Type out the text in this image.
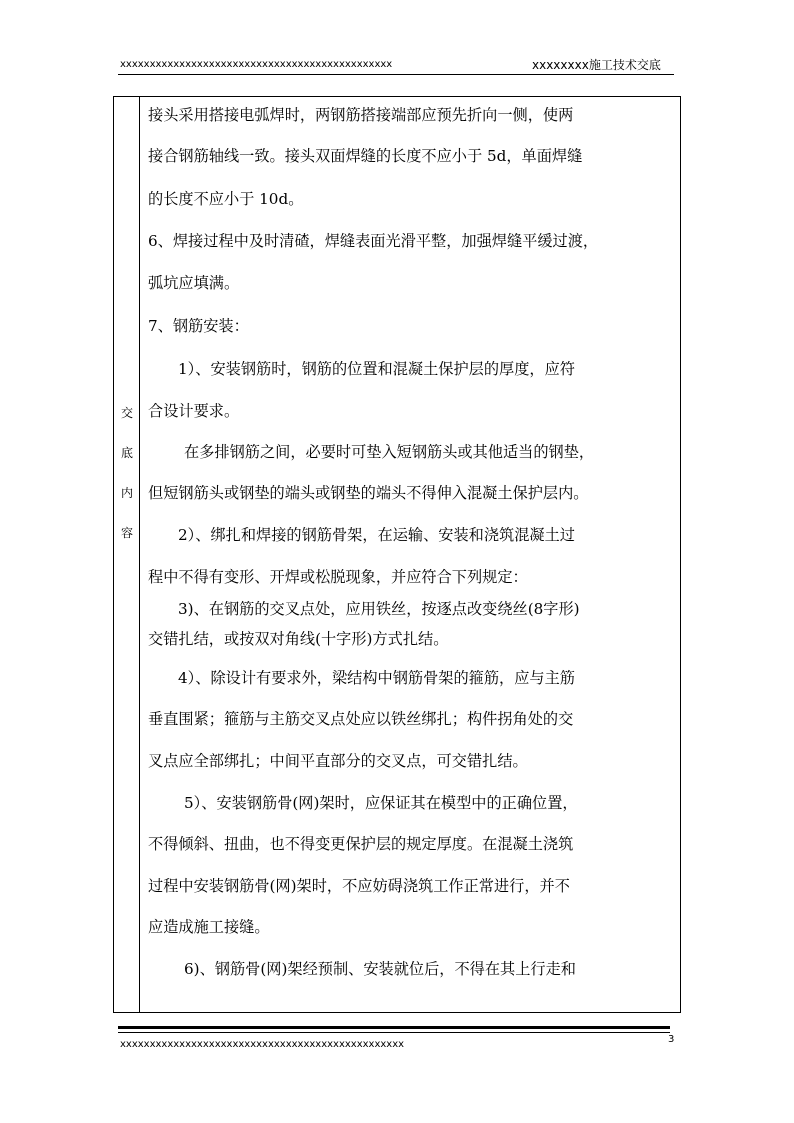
xxxxxxxxxxxxxxxxxxxxxxxxxxxxxxxxxxxxxxxxxxxxxx	xxxxxxxx施工技术交底
交
底
内
容
接头采用搭接电弧焊时，两钢筋搭接端部应预先折向一侧，使两
接合钢筋轴线一致。接头双面焊缝的长度不应小于 5d，单面焊缝
的长度不应小于 10d。
6、焊接过程中及时清碴，焊缝表面光滑平整，加强焊缝平缓过渡，
弧坑应填满。
7、钢筋安装：
1）、安装钢筋时，钢筋的位置和混凝土保护层的厚度，应符
合设计要求。
在多排钢筋之间，必要时可垫入短钢筋头或其他适当的钢垫，
但短钢筋头或钢垫的端头或钢垫的端头不得伸入混凝土保护层内。
2）、绑扎和焊接的钢筋骨架，在运输、安装和浇筑混凝土过
程中不得有变形、开焊或松脱现象，并应符合下列规定：
3)、在钢筋的交叉点处，应用铁丝，按逐点改变绕丝(8字形)
交错扎结，或按双对角线(十字形)方式扎结。
4）、除设计有要求外，梁结构中钢筋骨架的箍筋，应与主筋
垂直围紧；箍筋与主筋交叉点处应以铁丝绑扎；构件拐角处的交
叉点应全部绑扎；中间平直部分的交叉点，可交错扎结。
5）、安装钢筋骨(网)架时，应保证其在模型中的正确位置，
不得倾斜、扭曲，也不得变更保护层的规定厚度。在混凝土浇筑
过程中安装钢筋骨(网)架时，不应妨碍浇筑工作正常进行，并不
应造成施工接缝。
6)、钢筋骨(网)架经预制、安装就位后，不得在其上行走和
xxxxxxxxxxxxxxxxxxxxxxxxxxxxxxxxxxxxxxxxxxxxxxxx	3
